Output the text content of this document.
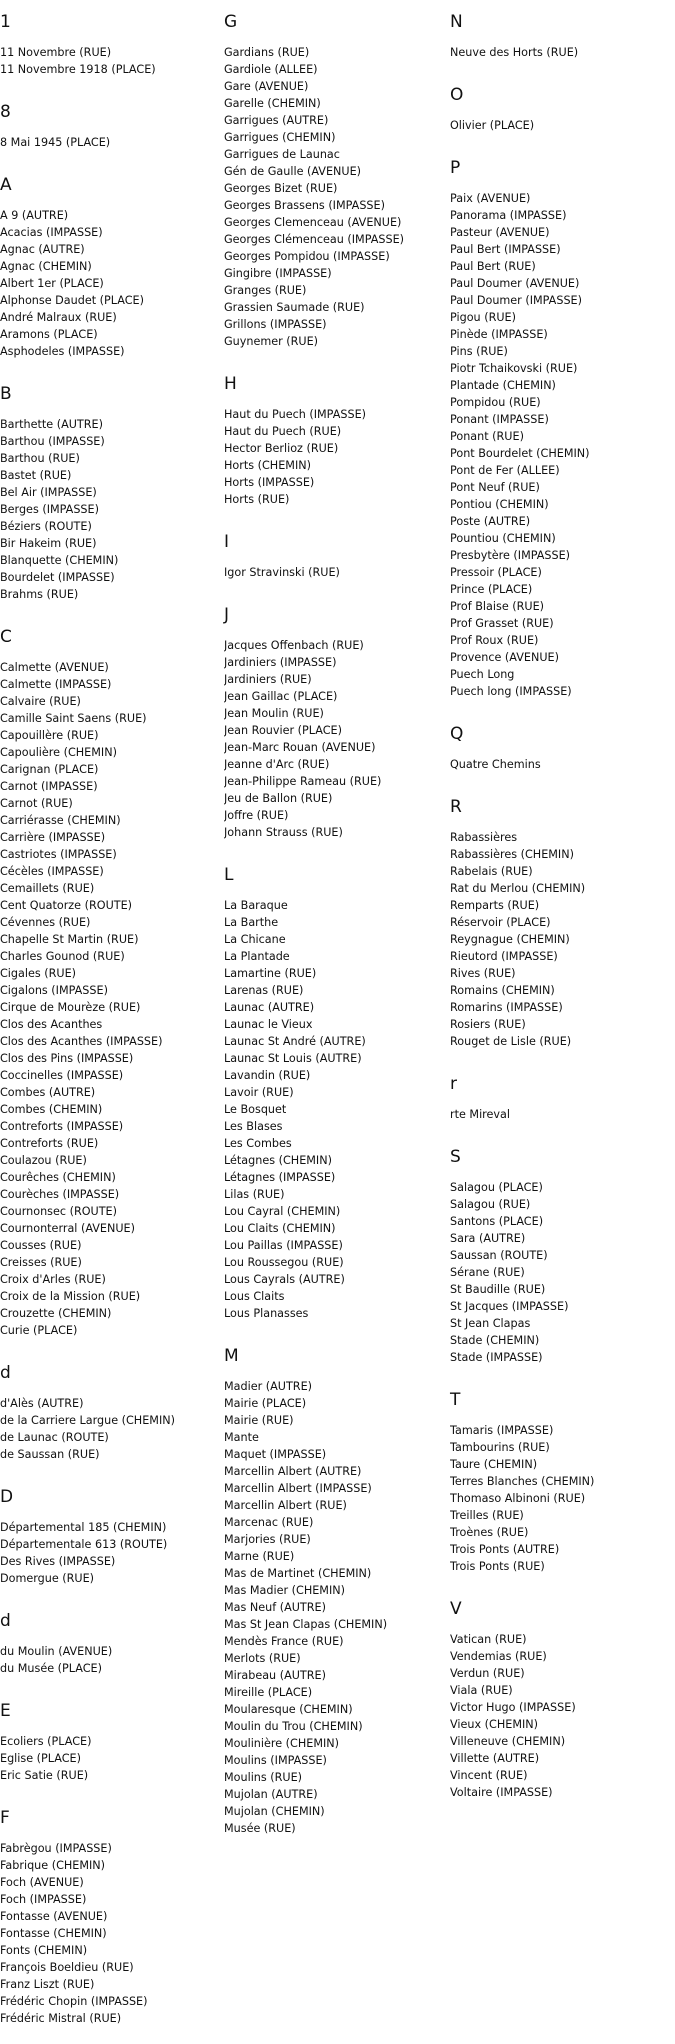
1
11 Novembre (RUE)
11 Novembre 1918 (PLACE)
8
8 Mai 1945 (PLACE)
A
A 9 (AUTRE)
Acacias (IMPASSE)
Agnac (AUTRE)
Agnac (CHEMIN)
Albert 1er (PLACE)
Alphonse Daudet (PLACE)
André Malraux (RUE)
Aramons (PLACE)
Asphodeles (IMPASSE)
B
Barthette (AUTRE)
Barthou (IMPASSE)
Barthou (RUE)
Bastet (RUE)
Bel Air (IMPASSE)
Berges (IMPASSE)
Béziers (ROUTE)
Bir Hakeim (RUE)
Blanquette (CHEMIN)
Bourdelet (IMPASSE)
Brahms (RUE)
C
Calmette (AVENUE)
Calmette (IMPASSE)
Calvaire (RUE)
Camille Saint Saens (RUE)
Capouillère (RUE)
Capoulière (CHEMIN)
Carignan (PLACE)
Carnot (IMPASSE)
Carnot (RUE)
Carriérasse (CHEMIN)
Carrière (IMPASSE)
Castriotes (IMPASSE)
Cécèles (IMPASSE)
Cemaillets (RUE)
Cent Quatorze (ROUTE)
Cévennes (RUE)
Chapelle St Martin (RUE)
Charles Gounod (RUE)
Cigales (RUE)
Cigalons (IMPASSE)
Cirque de Mourèze (RUE)
Clos des Acanthes
Clos des Acanthes (IMPASSE)
Clos des Pins (IMPASSE)
Coccinelles (IMPASSE)
Combes (AUTRE)
Combes (CHEMIN)
Contreforts (IMPASSE)
Contreforts (RUE)
Coulazou (RUE)
Courêches (CHEMIN)
Courèches (IMPASSE)
Cournonsec (ROUTE)
Cournonterral (AVENUE)
Cousses (RUE)
Creisses (RUE)
Croix d'Arles (RUE)
Croix de la Mission (RUE)
Crouzette (CHEMIN)
Curie (PLACE)
d
d'Alès (AUTRE)
de la Carriere Largue (CHEMIN)
de Launac (ROUTE)
de Saussan (RUE)
D
Départemental 185 (CHEMIN)
Départementale 613 (ROUTE)
Des Rives (IMPASSE)
Domergue (RUE)
d
du Moulin (AVENUE)
du Musée (PLACE)
E
Ecoliers (PLACE)
Eglise (PLACE)
Eric Satie (RUE)
F
Fabrègou (IMPASSE)
Fabrique (CHEMIN)
Foch (AVENUE)
Foch (IMPASSE)
Fontasse (AVENUE)
Fontasse (CHEMIN)
Fonts (CHEMIN)
François Boeldieu (RUE)
Franz Liszt (RUE)
Frédéric Chopin (IMPASSE)
Frédéric Mistral (RUE)
G
Gardians (RUE)
Gardiole (ALLEE)
Gare (AVENUE)
Garelle (CHEMIN)
Garrigues (AUTRE)
Garrigues (CHEMIN)
Garrigues de Launac
Gén de Gaulle (AVENUE)
Georges Bizet (RUE)
Georges Brassens (IMPASSE)
Georges Clemenceau (AVENUE)
Georges Clémenceau (IMPASSE)
Georges Pompidou (IMPASSE)
Gingibre (IMPASSE)
Granges (RUE)
Grassien Saumade (RUE)
Grillons (IMPASSE)
Guynemer (RUE)
H
Haut du Puech (IMPASSE)
Haut du Puech (RUE)
Hector Berlioz (RUE)
Horts (CHEMIN)
Horts (IMPASSE)
Horts (RUE)
I
Igor Stravinski (RUE)
J
Jacques Offenbach (RUE)
Jardiniers (IMPASSE)
Jardiniers (RUE)
Jean Gaillac (PLACE)
Jean Moulin (RUE)
Jean Rouvier (PLACE)
Jean-Marc Rouan (AVENUE)
Jeanne d'Arc (RUE)
Jean-Philippe Rameau (RUE)
Jeu de Ballon (RUE)
Joffre (RUE)
Johann Strauss (RUE)
L
La Baraque
La Barthe
La Chicane
La Plantade
Lamartine (RUE)
Larenas (RUE)
Launac (AUTRE)
Launac le Vieux
Launac St André (AUTRE)
Launac St Louis (AUTRE)
Lavandin (RUE)
Lavoir (RUE)
Le Bosquet
Les Blases
Les Combes
Létagnes (CHEMIN)
Létagnes (IMPASSE)
Lilas (RUE)
Lou Cayral (CHEMIN)
Lou Claits (CHEMIN)
Lou Paillas (IMPASSE)
Lou Roussegou (RUE)
Lous Cayrals (AUTRE)
Lous Claits
Lous Planasses
M
Madier (AUTRE)
Mairie (PLACE)
Mairie (RUE)
Mante
Maquet (IMPASSE)
Marcellin Albert (AUTRE)
Marcellin Albert (IMPASSE)
Marcellin Albert (RUE)
Marcenac (RUE)
Marjories (RUE)
Marne (RUE)
Mas de Martinet (CHEMIN)
Mas Madier (CHEMIN)
Mas Neuf (AUTRE)
Mas St Jean Clapas (CHEMIN)
Mendès France (RUE)
Merlots (RUE)
Mirabeau (AUTRE)
Mireille (PLACE)
Moularesque (CHEMIN)
Moulin du Trou (CHEMIN)
Moulinière (CHEMIN)
Moulins (IMPASSE)
Moulins (RUE)
Mujolan (AUTRE)
Mujolan (CHEMIN)
Musée (RUE)
N
Neuve des Horts (RUE)
O
Olivier (PLACE)
P
Paix (AVENUE)
Panorama (IMPASSE)
Pasteur (AVENUE)
Paul Bert (IMPASSE)
Paul Bert (RUE)
Paul Doumer (AVENUE)
Paul Doumer (IMPASSE)
Pigou (RUE)
Pinède (IMPASSE)
Pins (RUE)
Piotr Tchaikovski (RUE)
Plantade (CHEMIN)
Pompidou (RUE)
Ponant (IMPASSE)
Ponant (RUE)
Pont Bourdelet (CHEMIN)
Pont de Fer (ALLEE)
Pont Neuf (RUE)
Pontiou (CHEMIN)
Poste (AUTRE)
Pountiou (CHEMIN)
Presbytère (IMPASSE)
Pressoir (PLACE)
Prince (PLACE)
Prof Blaise (RUE)
Prof Grasset (RUE)
Prof Roux (RUE)
Provence (AVENUE)
Puech Long
Puech long (IMPASSE)
Q
Quatre Chemins
R
Rabassières
Rabassières (CHEMIN)
Rabelais (RUE)
Rat du Merlou (CHEMIN)
Remparts (RUE)
Réservoir (PLACE)
Reygnague (CHEMIN)
Rieutord (IMPASSE)
Rives (RUE)
Romains (CHEMIN)
Romarins (IMPASSE)
Rosiers (RUE)
Rouget de Lisle (RUE)
r
rte Mireval
S
Salagou (PLACE)
Salagou (RUE)
Santons (PLACE)
Sara (AUTRE)
Saussan (ROUTE)
Sérane (RUE)
St Baudille (RUE)
St Jacques (IMPASSE)
St Jean Clapas
Stade (CHEMIN)
Stade (IMPASSE)
T
Tamaris (IMPASSE)
Tambourins (RUE)
Taure (CHEMIN)
Terres Blanches (CHEMIN)
Thomaso Albinoni (RUE)
Treilles (RUE)
Troènes (RUE)
Trois Ponts (AUTRE)
Trois Ponts (RUE)
V
Vatican (RUE)
Vendemias (RUE)
Verdun (RUE)
Viala (RUE)
Victor Hugo (IMPASSE)
Vieux (CHEMIN)
Villeneuve (CHEMIN)
Villette (AUTRE)
Vincent (RUE)
Voltaire (IMPASSE)
